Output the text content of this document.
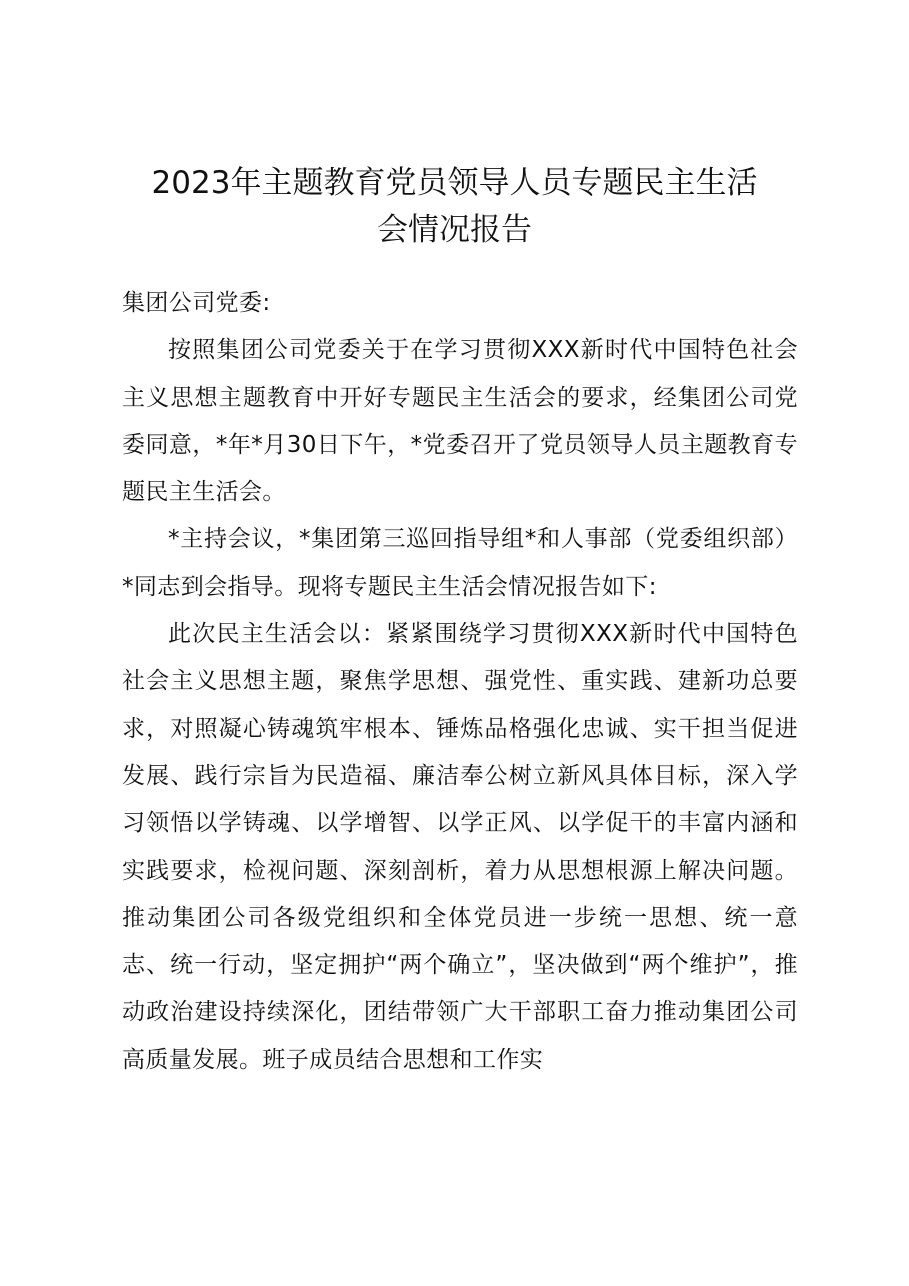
2023年主题教育党员领导人员专题民主生活
会情况报告

集团公司党委:

按照集团公司党委关于在学习贯彻XXX新时代中国特色社会主义思想主题教育中开好专题民主生活会的要求，经集团公司党委同意，*年*月30日下午，*党委召开了党员领导人员主题教育专题民主生活会。

*主持会议，*集团第三巡回指导组*和人事部（党委组织部）*同志到会指导。现将专题民主生活会情况报告如下:

此次民主生活会以：紧紧围绕学习贯彻XXX新时代中国特色社会主义思想主题，聚焦学思想、强党性、重实践、建新功总要求，对照凝心铸魂筑牢根本、锤炼品格强化忠诚、实干担当促进发展、践行宗旨为民造福、廉洁奉公树立新风具体目标，深入学习领悟以学铸魂、以学增智、以学正风、以学促干的丰富内涵和实践要求，检视问题、深刻剖析，着力从思想根源上解决问题。推动集团公司各级党组织和全体党员进一步统一思想、统一意志、统一行动，坚定拥护“两个确立”，坚决做到“两个维护”，推动政治建设持续深化，团结带领广大干部职工奋力推动集团公司高质量发展。班子成员结合思想和工作实
